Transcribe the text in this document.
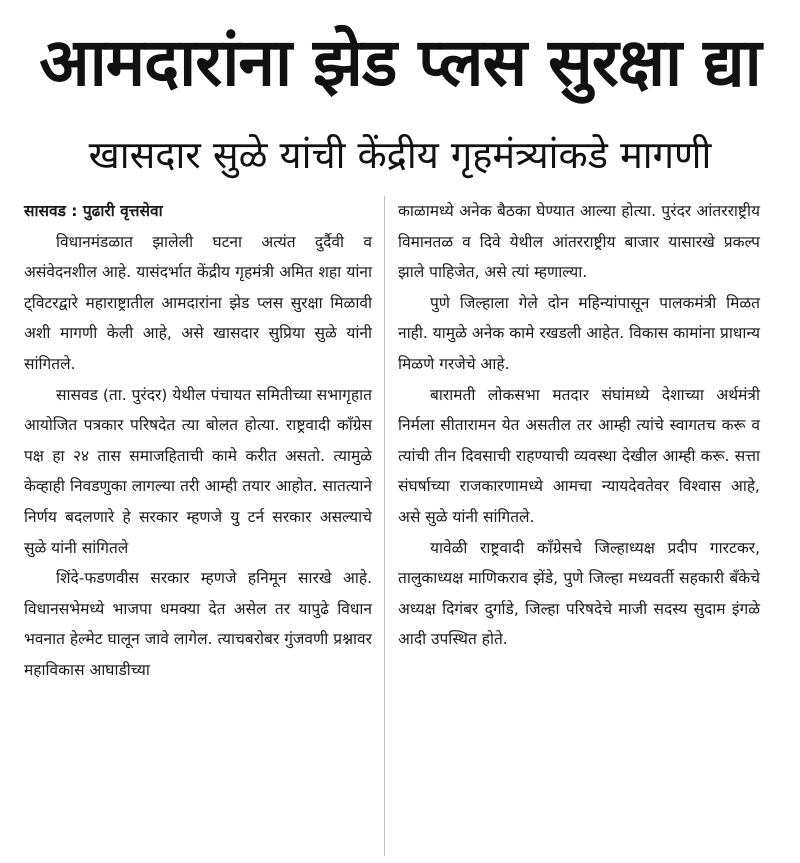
आमदारांना झेड प्लस सुरक्षा द्या
खासदार सुळे यांची केंद्रीय गृहमंत्र्यांकडे मागणी
सासवड : पुढारी वृत्तसेवा

विधानमंडळात झालेली घटना अत्यंत दुर्दैवी व असंवेदनशील आहे. यासंदर्भात केंद्रीय गृहमंत्री अमित शहा यांना ट्विटरद्वारे महाराष्ट्रातील आमदारांना झेड प्लस सुरक्षा मिळावी अशी मागणी केली आहे, असे खासदार सुप्रिया सुळे यांनी सांगितले.

सासवड (ता. पुरंदर) येथील पंचायत समितीच्या सभागृहात आयोजित पत्रकार परिषदेत त्या बोलत होत्या. राष्ट्रवादी काँग्रेस पक्ष हा २४ तास समाजहिताची कामे करीत असतो. त्यामुळे केव्हाही निवडणुका लागल्या तरी आम्ही तयार आहोत. सातत्याने निर्णय बदलणारे हे सरकार म्हणजे यु टर्न सरकार असल्याचे सुळे यांनी सांगितले

शिंदे-फडणवीस सरकार म्हणजे हनिमून सारखे आहे. विधानसभेमध्ये भाजपा धमक्या देत असेल तर यापुढे विधान भवनात हेल्मेट घालून जावे लागेल. त्याचबरोबर गुंजवणी प्रश्नावर महाविकास आघाडीच्या

काळामध्ये अनेक बैठका घेण्यात आल्या होत्या. पुरंदर आंतरराष्ट्रीय विमानतळ व दिवे येथील आंतरराष्ट्रीय बाजार यासारखे प्रकल्प झाले पाहिजेत, असे त्यां म्हणाल्या.

पुणे जिल्हाला गेले दोन महिन्यांपासून पालकमंत्री मिळत नाही. यामुळे अनेक कामे रखडली आहेत. विकास कामांना प्राधान्य मिळणे गरजेचे आहे.

बारामती लोकसभा मतदार संघांमध्ये देशाच्या अर्थमंत्री निर्मला सीतारामन येत असतील तर आम्ही त्यांचे स्वागतच करू व त्यांची तीन दिवसाची राहण्याची व्यवस्था देखील आम्ही करू. सत्ता संघर्षाच्या राजकारणामध्ये आमचा न्यायदेवतेवर विश्वास आहे, असे सुळे यांनी सांगितले.

यावेळी राष्ट्रवादी काँग्रेसचे जिल्हाध्यक्ष प्रदीप गारटकर, तालुकाध्यक्ष माणिकराव झेंडे, पुणे जिल्हा मध्यवर्ती सहकारी बँकेचे अध्यक्ष दिगंबर दुर्गाडे, जिल्हा परिषदेचे माजी सदस्य सुदाम इंगळे आदी उपस्थित होते.
